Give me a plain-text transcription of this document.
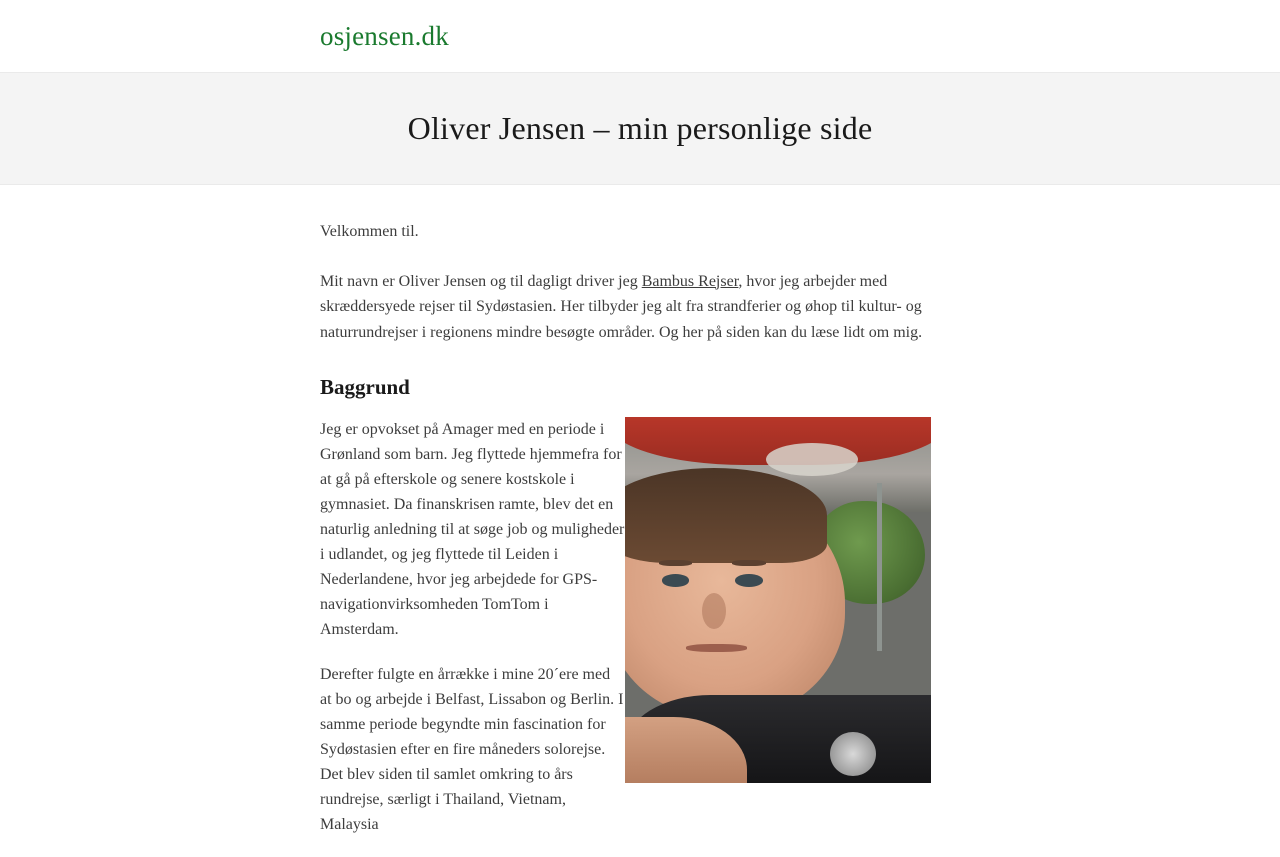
osjensen.dk
Oliver Jensen – min personlige side

Velkommen til.

Mit navn er Oliver Jensen og til dagligt driver jeg Bambus Rejser, hvor jeg arbejder med skræddersyede rejser til Sydøstasien. Her tilbyder jeg alt fra strandferier og øhop til kultur- og naturrundrejser i regionens mindre besøgte områder. Og her på siden kan du læse lidt om mig.

Baggrund

Jeg er opvokset på Amager med en periode i Grønland som barn. Jeg flyttede hjemmefra for at gå på efterskole og senere kostskole i gymnasiet. Da finanskrisen ramte, blev det en naturlig anledning til at søge job og muligheder i udlandet, og jeg flyttede til Leiden i Nederlandene, hvor jeg arbejdede for GPS-navigationvirksomheden TomTom i Amsterdam.

Derefter fulgte en årrække i mine 20´ere med at bo og arbejde i Belfast, Lissabon og Berlin. I samme periode begyndte min fascination for Sydøstasien efter en fire måneders solorejse. Det blev siden til samlet omkring to års rundrejse, særligt i Thailand, Vietnam, Malaysia
